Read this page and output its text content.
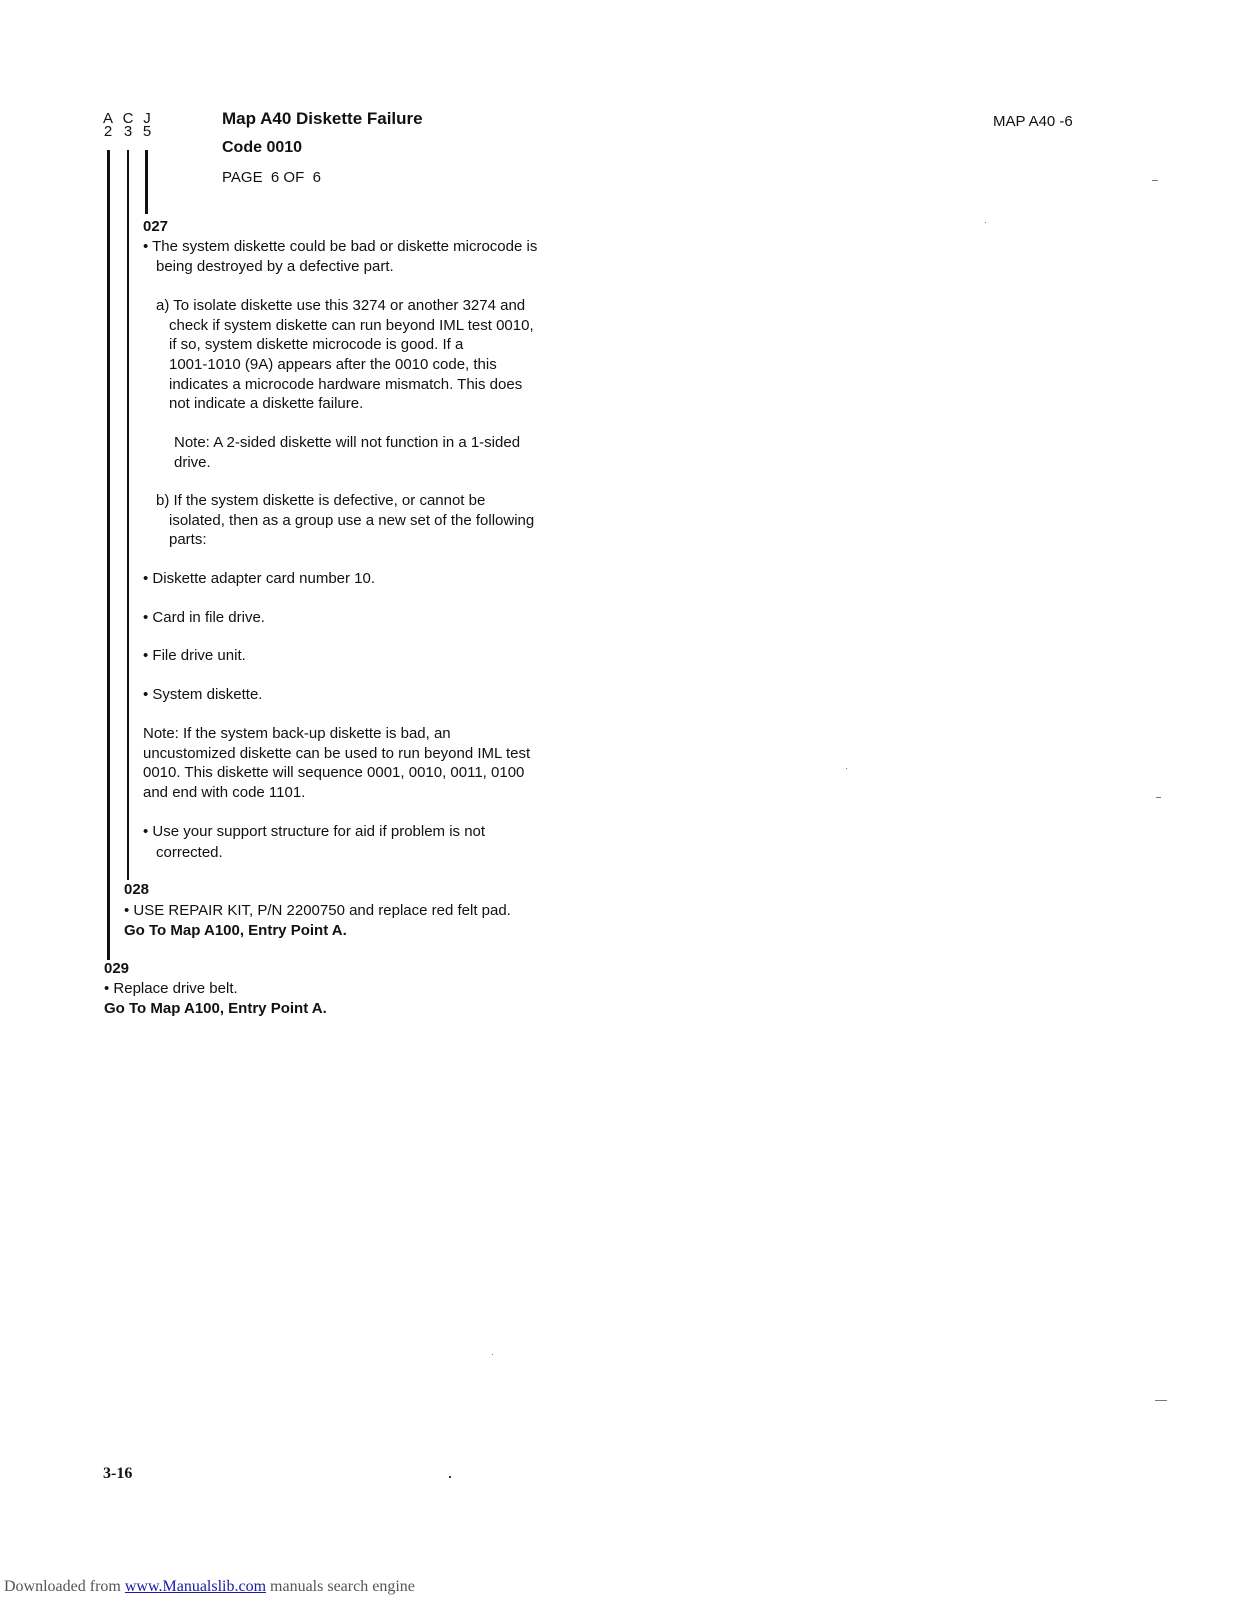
A
2
C
3
J
5
Map A40 Diskette Failure
Code 0010
PAGE  6 OF  6
MAP A40 -6
027
• The system diskette could be bad or diskette microcode is
being destroyed by a defective part.
a) To isolate diskette use this 3274 or another 3274 and
check if system diskette can run beyond IML test 0010,
if so, system diskette microcode is good. If a
1001-1010 (9A) appears after the 0010 code, this
indicates a microcode hardware mismatch. This does
not indicate a diskette failure.
Note: A 2-sided diskette will not function in a 1-sided
drive.
b) If the system diskette is defective, or cannot be
isolated, then as a group use a new set of the following
parts:
• Diskette adapter card number 10.
• Card in file drive.
• File drive unit.
• System diskette.
Note: If the system back-up diskette is bad, an
uncustomized diskette can be used to run beyond IML test
0010. This diskette will sequence 0001, 0010, 0011, 0100
and end with code 1101.
• Use your support structure for aid if problem is not
corrected.
028
• USE REPAIR KIT, P/N 2200750 and replace red felt pad.
Go To Map A100, Entry Point A.
029
• Replace drive belt.
Go To Map A100, Entry Point A.
3-16
Downloaded from www.Manualslib.com manuals search engine
